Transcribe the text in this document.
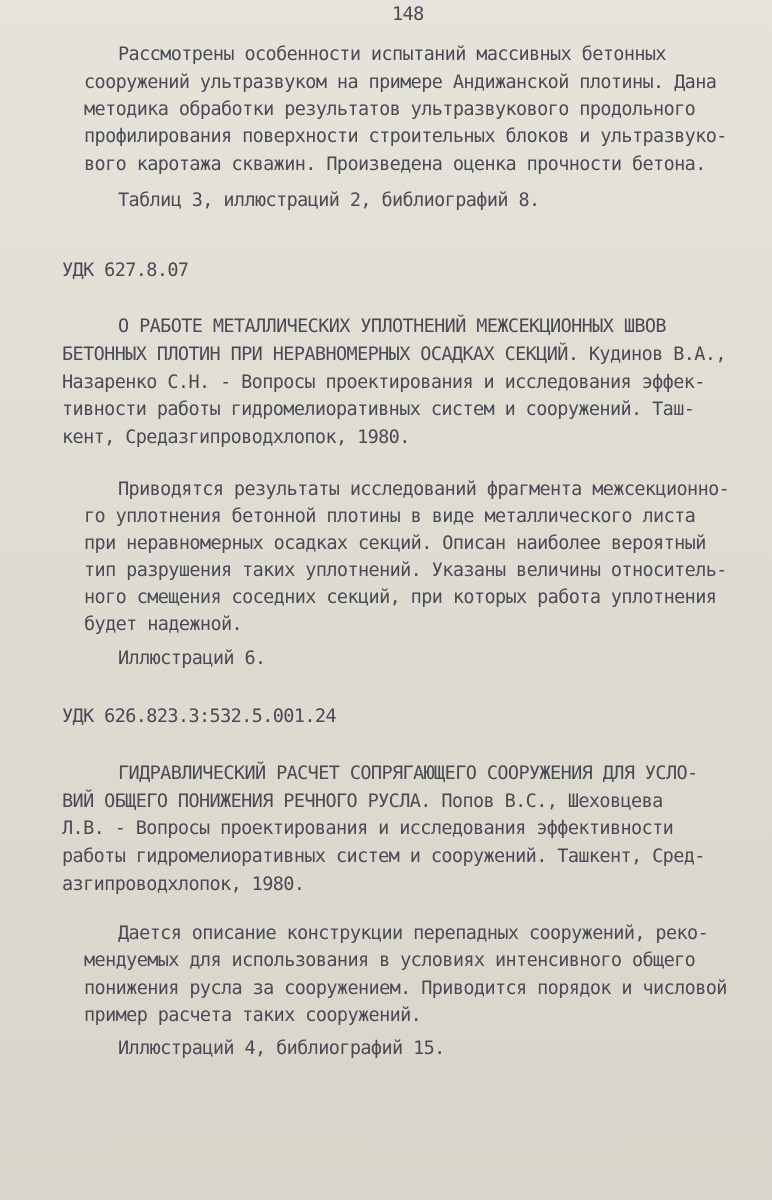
148
Рассмотрены особенности испытаний массивных бетонных
сооружений ультразвуком на примере Андижанской плотины. Дана
методика обработки результатов ультразвукового продольного
профилирования поверхности строительных блоков и ультразвуко-
вого каротажа скважин. Произведена оценка прочности бетона.
Таблиц 3, иллюстраций 2, библиографий 8.
УДК 627.8.07
О РАБОТЕ МЕТАЛЛИЧЕСКИХ УПЛОТНЕНИЙ МЕЖСЕКЦИОННЫХ ШВОВ
БЕТОННЫХ ПЛОТИН ПРИ НЕРАВНОМЕРНЫХ ОСАДКАХ СЕКЦИЙ. Кудинов В.А.,
Назаренко С.Н. - Вопросы проектирования и исследования эффек-
тивности работы гидромелиоративных систем и сооружений. Таш-
кент, Средазгипроводхлопок, 1980.
Приводятся результаты исследований фрагмента межсекционно-
го уплотнения бетонной плотины в виде металлического листа
при неравномерных осадках секций. Описан наиболее вероятный
тип разрушения таких уплотнений. Указаны величины относитель-
ного смещения соседних секций, при которых работа уплотнения
будет надежной.
Иллюстраций 6.
УДК 626.823.3:532.5.001.24
ГИДРАВЛИЧЕСКИЙ РАСЧЕТ СОПРЯГАЮЩЕГО СООРУЖЕНИЯ ДЛЯ УСЛО-
ВИЙ ОБЩЕГО ПОНИЖЕНИЯ РЕЧНОГО РУСЛА. Попов В.С., Шеховцева
Л.В. - Вопросы проектирования и исследования эффективности
работы гидромелиоративных систем и сооружений. Ташкент, Сред-
азгипроводхлопок, 1980.
Дается описание конструкции перепадных сооружений, реко-
мендуемых для использования в условиях интенсивного общего
понижения русла за сооружением. Приводится порядок и числовой
пример расчета таких сооружений.
Иллюстраций 4, библиографий 15.
